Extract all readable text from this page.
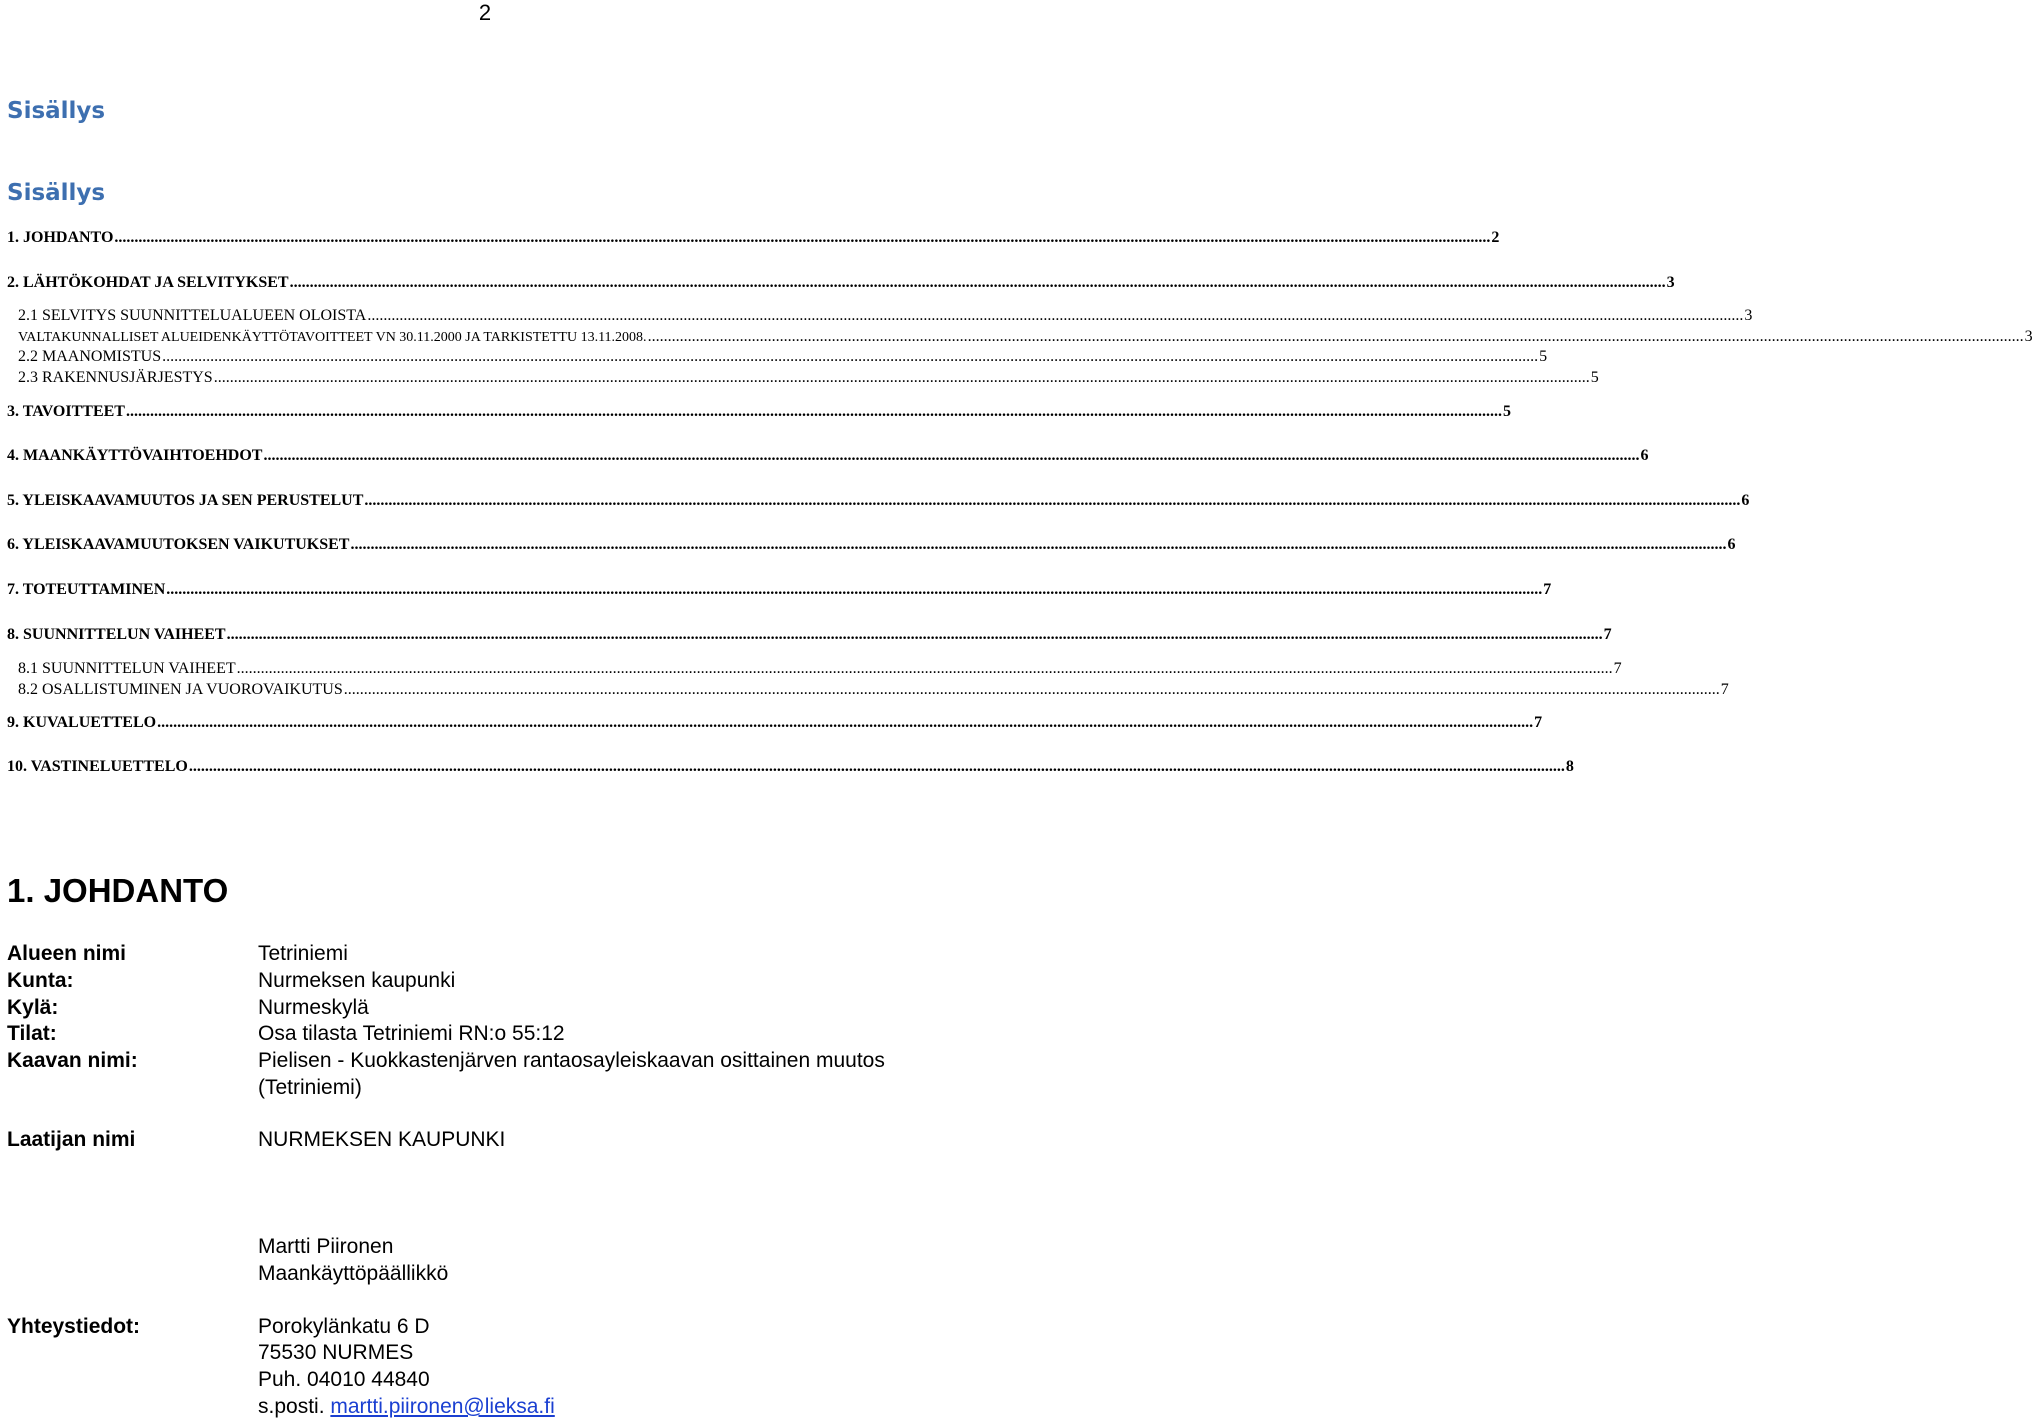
2
Sisällys
Sisällys
1. JOHDANTO .....	2
2. LÄHTÖKOHDAT JA SELVITYKSET .....	3
2.1 SELVITYS SUUNNITTELUALUEEN OLOISTA .....	3
VALTAKUNNALLISET ALUEIDENKÄYTTÖTAVOITTEET VN 30.11.2000 JA TARKISTETTU 13.11.2008. .....	3
2.2 MAANOMISTUS .....	5
2.3 RAKENNUSJÄRJESTYS .....	5
3. TAVOITTEET .....	5
4. MAANKÄYTTÖVAIHTOEHDOT .....	6
5. YLEISKAAVAMUUTOS JA SEN PERUSTELUT .....	6
6. YLEISKAAVAMUUTOKSEN VAIKUTUKSET .....	6
7. TOTEUTTAMINEN .....	7
8. SUUNNITTELUN VAIHEET .....	7
8.1 SUUNNITTELUN VAIHEET .....	7
8.2 OSALLISTUMINEN JA VUOROVAIKUTUS .....	7
9. KUVALUETTELO .....	7
10. VASTINELUETTELO .....	8
1. JOHDANTO
Alueen nimi	Tetriniemi
Kunta:	Nurmeksen kaupunki
Kylä:	Nurmeskylä
Tilat:	Osa tilasta Tetriniemi RN:o 55:12
Kaavan nimi:	Pielisen - Kuokkastenjärven rantaosayleiskaavan osittainen muutos
(Tetriniemi)
Laatijan nimi	NURMEKSEN KAUPUNKI
Martti Piironen
Maankäyttöpäällikkö
Yhteystiedot:	Porokylänkatu 6 D
75530 NURMES
Puh. 04010 44840
s.posti. martti.piironen@lieksa.fi
